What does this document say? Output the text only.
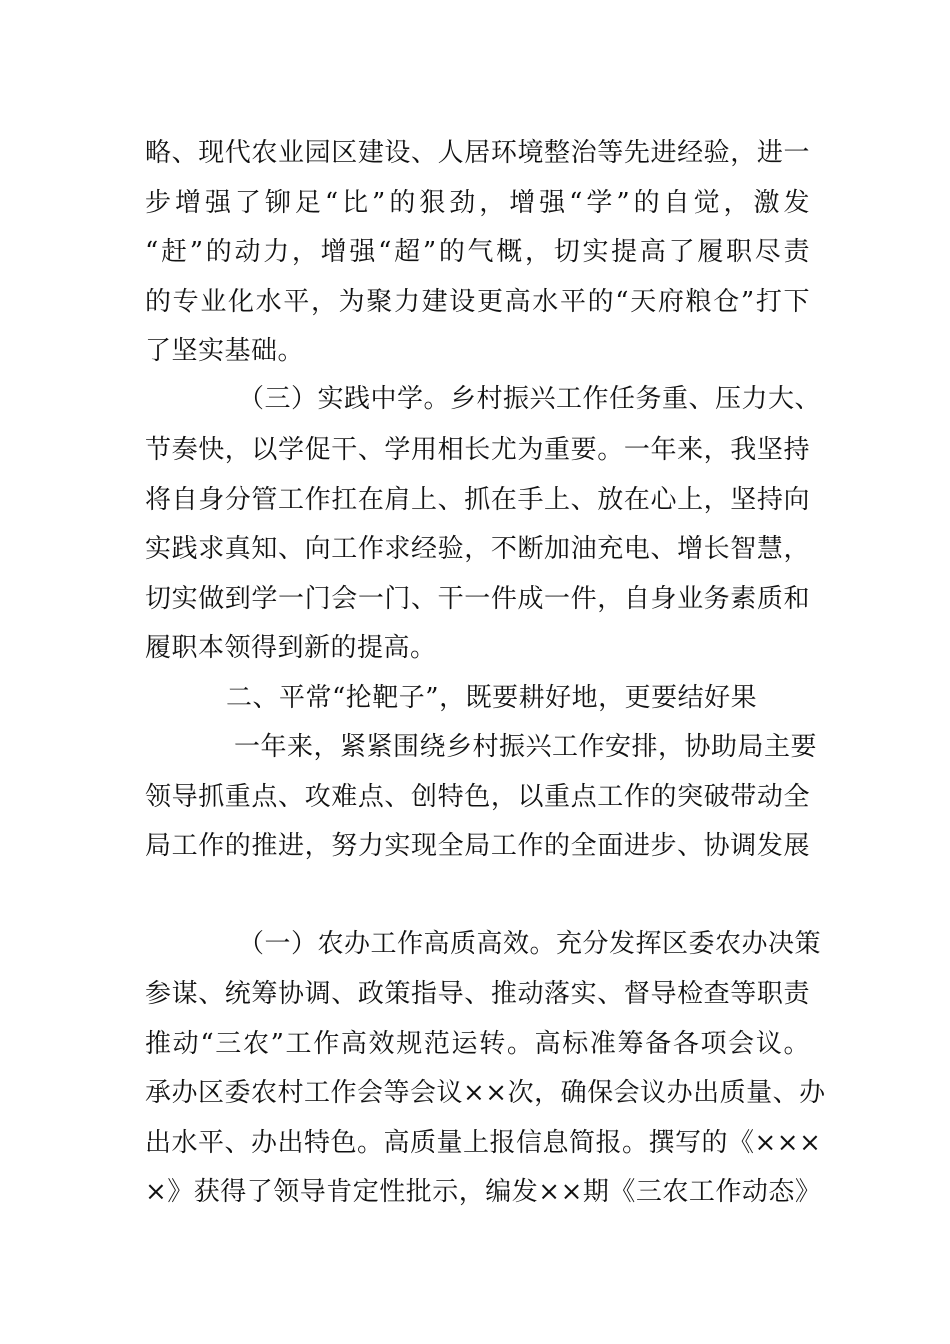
略、现代农业园区建设、人居环境整治等先进经验，进一
步增强了铆足“比”的狠劲，增强“学”的自觉，激发
“赶”的动力，增强“超”的气概，切实提高了履职尽责
的专业化水平，为聚力建设更高水平的“天府粮仓”打下
了坚实基础。
（三）实践中学。乡村振兴工作任务重、压力大、
节奏快，以学促干、学用相长尤为重要。一年来，我坚持
将自身分管工作扛在肩上、抓在手上、放在心上，坚持向
实践求真知、向工作求经验，不断加油充电、增长智慧，
切实做到学一门会一门、干一件成一件，自身业务素质和
履职本领得到新的提高。
二、平常“抡靶子”，既要耕好地，更要结好果
一年来，紧紧围绕乡村振兴工作安排，协助局主要
领导抓重点、攻难点、创特色，以重点工作的突破带动全
局工作的推进，努力实现全局工作的全面进步、协调发展
（一）农办工作高质高效。充分发挥区委农办决策
参谋、统筹协调、政策指导、推动落实、督导检查等职责
推动“三农”工作高效规范运转。高标准筹备各项会议。
承办区委农村工作会等会议××次，确保会议办出质量、办
出水平、办出特色。高质量上报信息简报。撰写的《×××
×》获得了领导肯定性批示，编发××期《三农工作动态》
